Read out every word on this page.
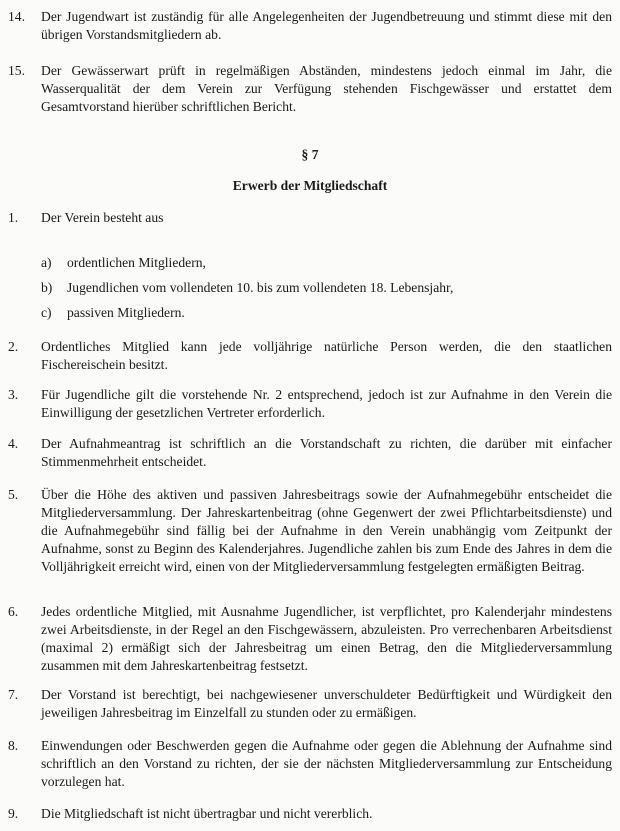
14.	Der Jugendwart ist zuständig für alle Angelegenheiten der Jugendbetreuung und stimmt diese mit den übrigen Vorstandsmitgliedern ab.

15.	Der Gewässerwart prüft in regelmäßigen Abständen, mindestens jedoch einmal im Jahr, die Wasserqualität der dem Verein zur Verfügung stehenden Fischgewässer und erstattet dem Gesamtvorstand hierüber schriftlichen Bericht.

§ 7
Erwerb der Mitgliedschaft
1.	Der Verein besteht aus

a)	ordentlichen Mitgliedern,
b)	Jugendlichen vom vollendeten 10. bis zum vollendeten 18. Lebensjahr,
c)	passiven Mitgliedern.
2.	Ordentliches Mitglied kann jede volljährige natürliche Person werden, die den staatlichen Fischereischein besitzt.

3.	Für Jugendliche gilt die vorstehende Nr. 2 entsprechend, jedoch ist zur Aufnahme in den Verein die Einwilligung der gesetzlichen Vertreter erforderlich.

4.	Der Aufnahmeantrag ist schriftlich an die Vorstandschaft zu richten, die darüber mit einfacher Stimmenmehrheit entscheidet.

5.	Über die Höhe des aktiven und passiven Jahresbeitrags sowie der Aufnahmegebühr entscheidet die Mitgliederversammlung. Der Jahreskartenbeitrag (ohne Gegenwert der zwei Pflichtarbeitsdienste) und die Aufnahmegebühr sind fällig bei der Aufnahme in den Verein unabhängig vom Zeitpunkt der Aufnahme, sonst zu Beginn des Kalenderjahres. Jugendliche zahlen bis zum Ende des Jahres in dem die Volljährigkeit erreicht wird, einen von der Mitgliederversammlung festgelegten ermäßigten Beitrag.

6.	Jedes ordentliche Mitglied, mit Ausnahme Jugendlicher, ist verpflichtet, pro Kalenderjahr mindestens zwei Arbeitsdienste, in der Regel an den Fischgewässern, abzuleisten. Pro verrechenbaren Arbeitsdienst (maximal 2) ermäßigt sich der Jahresbeitrag um einen Betrag, den die Mitgliederversammlung zusammen mit dem Jahreskartenbeitrag festsetzt.

7.	Der Vorstand ist berechtigt, bei nachgewiesener unverschuldeter Bedürftigkeit und Würdigkeit den jeweiligen Jahresbeitrag im Einzelfall zu stunden oder zu ermäßigen.

8.	Einwendungen oder Beschwerden gegen die Aufnahme oder gegen die Ablehnung der Aufnahme sind schriftlich an den Vorstand zu richten, der sie der nächsten Mitgliederversammlung zur Entscheidung vorzulegen hat.

9.	Die Mitgliedschaft ist nicht übertragbar und nicht vererblich.
